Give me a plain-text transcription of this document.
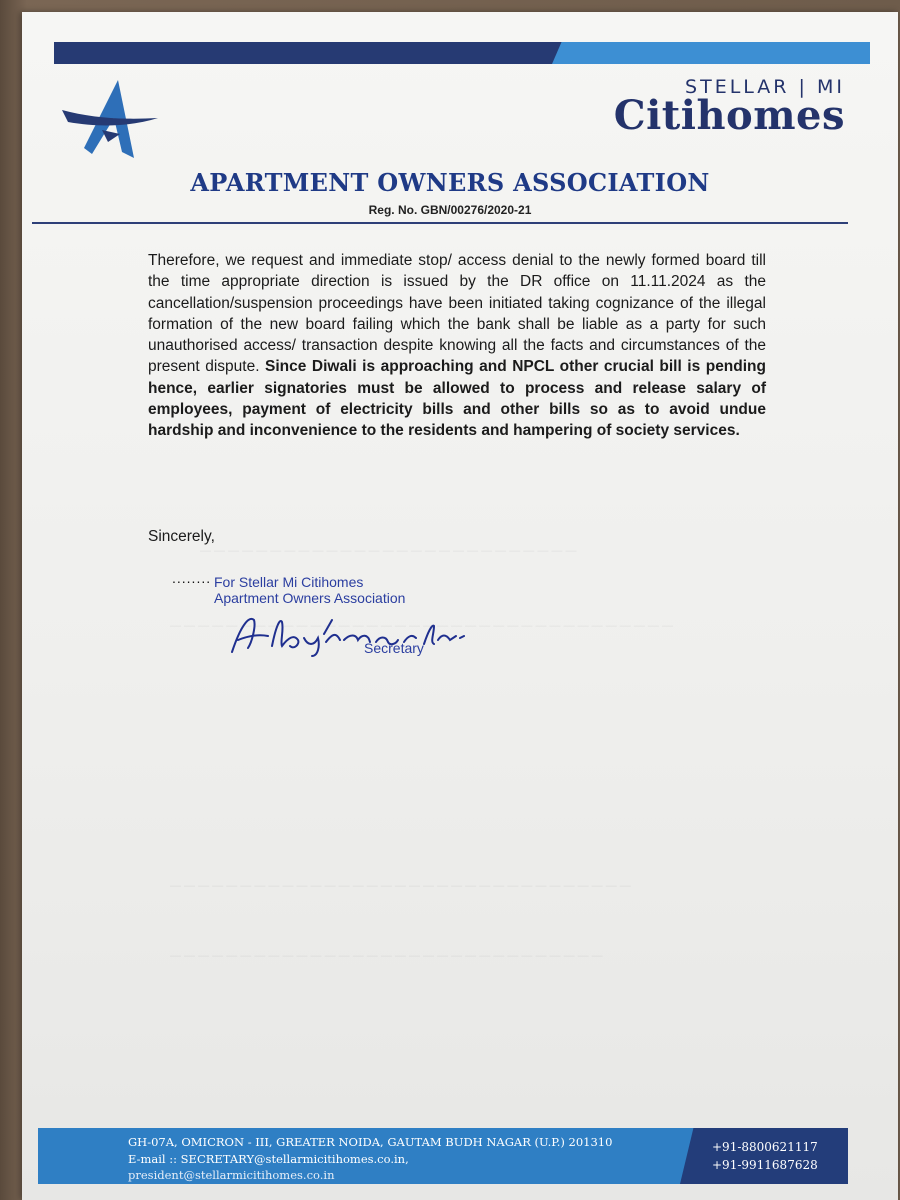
STELLAR | MI
Citihomes
APARTMENT OWNERS ASSOCIATION
Reg. No. GBN/00276/2020-21
Therefore, we request and immediate stop/ access denial to the newly formed board till the time appropriate direction is issued by the DR office on 11.11.2024 as the cancellation/suspension proceedings have been initiated taking cognizance of the illegal formation of the new board failing which the bank shall be liable as a party for such unauthorised access/ transaction despite knowing all the facts and circumstances of the present dispute. Since Diwali is approaching and NPCL other crucial bill is pending hence, earlier signatories must be allowed to process and release salary of employees, payment of electricity bills and other bills so as to avoid undue hardship and inconvenience to the residents and hampering of society services.
Sincerely,
........ For Stellar Mi Citihomes
Apartment Owners Association
Secretary
— — — — — — — — — — — — — — — — — — — — — — — — — — —
— — — — — — — — — — — — — — — — — — — — — — — — — — — — — — — — — — — —
— — — — — — — — — — — — — — — — — — — — — — — — — — — — — — — — —
— — — — — — — — — — — — — — — — — — — — — — — — — — — — — — —
GH-07A, OMICRON - III, GREATER NOIDA, GAUTAM BUDH NAGAR (U.P.) 201310
E-mail :: SECRETARY@stellarmicitihomes.co.in,
president@stellarmicitihomes.co.in
+91-8800621117
+91-9911687628
